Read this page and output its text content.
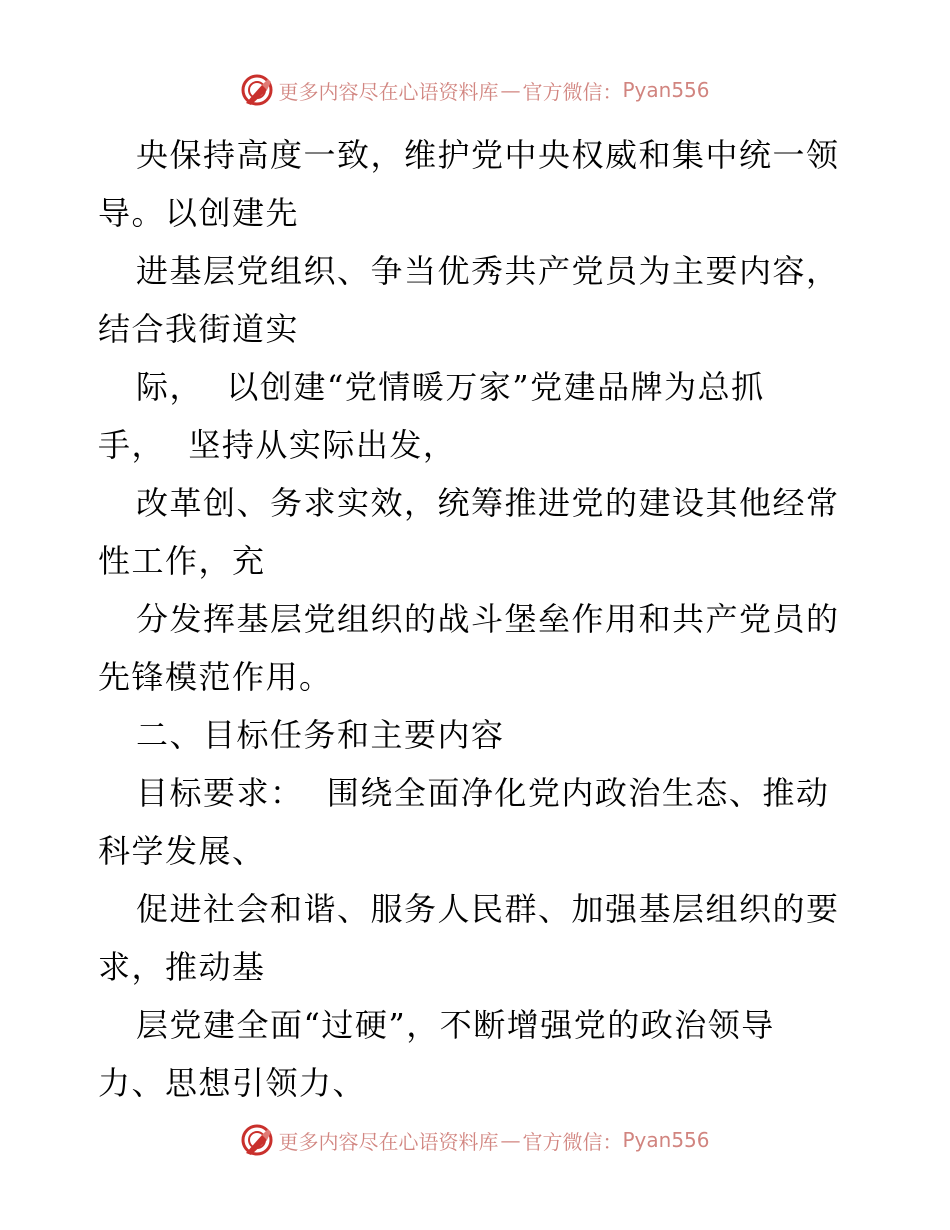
更多内容尽在心语资料库 — 官方微信： Pyan556
央保持高度一致，维护党中央权威和集中统一领
导。以创建先
进基层党组织、争当优秀共产党员为主要内容，
结合我街道实
际，  以创建“党情暖万家”党建品牌为总抓
手，  坚持从实际出发，
改革创、务求实效，统筹推进党的建设其他经常
性工作，充
分发挥基层党组织的战斗堡垒作用和共产党员的
先锋模范作用。
二、目标任务和主要内容
目标要求：  围绕全面净化党内政治生态、推动
科学发展、
促进社会和谐、服务人民群、加强基层组织的要
求，推动基
层党建全面“过硬”，不断增强党的政治领导
力、思想引领力、
更多内容尽在心语资料库 — 官方微信： Pyan556
